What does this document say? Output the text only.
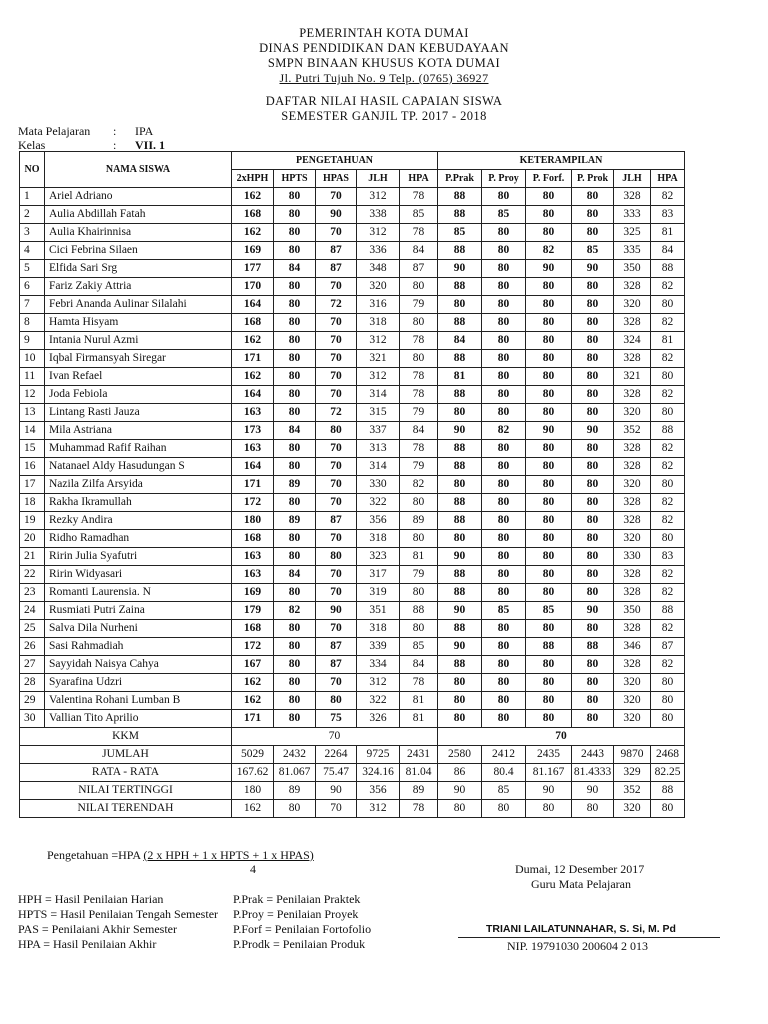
PEMERINTAH KOTA DUMAI
DINAS PENDIDIKAN DAN KEBUDAYAAN
SMPN BINAAN KHUSUS KOTA DUMAI
Jl. Putri Tujuh No. 9 Telp. (0765) 36927
DAFTAR NILAI HASIL CAPAIAN SISWA
SEMESTER GANJIL TP. 2017 - 2018
Mata Pelajaran : IPA
Kelas	: VII. 1
NO	NAMA SISWA	PENGETAHUAN					KETERAMPILAN					
		2xHPH	HPTS	HPAS	JLH	HPA	P.Prak	P. Proy	P. Forf.	P. Prok	JLH	HPA
1	Ariel Adriano	162	80	70	312	78	88	80	80	80	328	82
2	Aulia Abdillah Fatah	168	80	90	338	85	88	85	80	80	333	83
3	Aulia Khairinnisa	162	80	70	312	78	85	80	80	80	325	81
4	Cici Febrina Silaen	169	80	87	336	84	88	80	82	85	335	84
5	Elfida Sari Srg	177	84	87	348	87	90	80	90	90	350	88
6	Fariz Zakiy Attria	170	80	70	320	80	88	80	80	80	328	82
7	Febri Ananda Aulinar Silalahi	164	80	72	316	79	80	80	80	80	320	80
8	Hamta Hisyam	168	80	70	318	80	88	80	80	80	328	82
9	Intania Nurul Azmi	162	80	70	312	78	84	80	80	80	324	81
10	Iqbal Firmansyah Siregar	171	80	70	321	80	88	80	80	80	328	82
11	Ivan Refael	162	80	70	312	78	81	80	80	80	321	80
12	Joda Febiola	164	80	70	314	78	88	80	80	80	328	82
13	Lintang Rasti Jauza	163	80	72	315	79	80	80	80	80	320	80
14	Mila Astriana	173	84	80	337	84	90	82	90	90	352	88
15	Muhammad Rafif Raihan	163	80	70	313	78	88	80	80	80	328	82
16	Natanael Aldy Hasudungan S	164	80	70	314	79	88	80	80	80	328	82
17	Nazila Zilfa Arsyida	171	89	70	330	82	80	80	80	80	320	80
18	Rakha Ikramullah	172	80	70	322	80	88	80	80	80	328	82
19	Rezky Andira	180	89	87	356	89	88	80	80	80	328	82
20	Ridho Ramadhan	168	80	70	318	80	80	80	80	80	320	80
21	Ririn Julia Syafutri	163	80	80	323	81	90	80	80	80	330	83
22	Ririn Widyasari	163	84	70	317	79	88	80	80	80	328	82
23	Romanti Laurensia. N	169	80	70	319	80	88	80	80	80	328	82
24	Rusmiati Putri Zaina	179	82	90	351	88	90	85	85	90	350	88
25	Salva Dila Nurheni	168	80	70	318	80	88	80	80	80	328	82
26	Sasi Rahmadiah	172	80	87	339	85	90	80	88	88	346	87
27	Sayyidah Naisya Cahya	167	80	87	334	84	88	80	80	80	328	82
28	Syarafina Udzri	162	80	70	312	78	80	80	80	80	320	80
29	Valentina Rohani Lumban B	162	80	80	322	81	80	80	80	80	320	80
30	Vallian Tito Aprilio	171	80	75	326	81	80	80	80	80	320	80
KKM		70					70					
JUMLAH		5029	2432	2264	9725	2431	2580	2412	2435	2443	9870	2468
RATA - RATA		167.62	81.067	75.47	324.16	81.04	86	80.4	81.167	81.4333	329	82.25
NILAI TERTINGGI		180	89	90	356	89	90	85	90	90	352	88
NILAI TERENDAH		162	80	70	312	78	80	80	80	80	320	80
Pengetahuan =HPA (2 x HPH + 1 x HPTS + 1 x HPAS)
4
HPH = Hasil Penilaian Harian
HPTS = Hasil Penilaian Tengah Semester
PAS = Penilaiani Akhir Semester
HPA = Hasil Penilaian Akhir
P.Prak = Penilaian Praktek
P.Proy = Penilaian Proyek
P.Forf = Penilaian Fortofolio
P.Prodk = Penilaian Produk
Dumai, 12 Desember 2017
Guru Mata Pelajaran
TRIANI LAILATUNNAHAR, S. Si, M. Pd
NIP. 19791030 200604 2 013
